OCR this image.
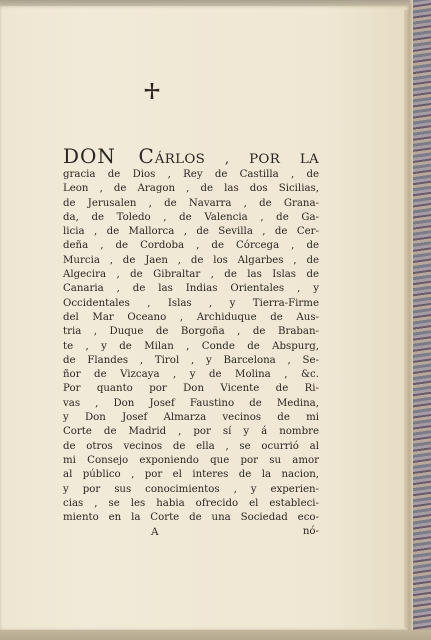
DON CÁRLOS , POR LA
gracia de Dios , Rey de Castilla , de
Leon , de Aragon , de las dos Sicilias,
de Jerusalen , de Navarra , de Grana-
da, de Toledo , de Valencia , de Ga-
licia , de Mallorca , de Sevilla , de Cer-
deña , de Cordoba , de Córcega , de
Murcia , de Jaen , de los Algarbes , de
Algecira , de Gibraltar , de las Islas de
Canaria , de las Indias Orientales , y
Occidentales , Islas , y Tierra-Firme
del Mar Oceano , Archiduque de Aus-
tria , Duque de Borgoña , de Braban-
te , y de Milan , Conde de Abspurg,
de Flandes , Tirol , y Barcelona , Se-
ñor de Vizcaya , y de Molina , &c.
Por quanto por Don Vicente de Ri-
vas , Don Josef Faustino de Medina,
y Don Josef Almarza vecinos de mi
Corte de Madrid , por sí y á nombre
de otros vecinos de ella , se ocurrió al
mi Consejo exponiendo que por su amor
al público , por el interes de la nacion,
y por sus conocimientos , y experien-
cias , se les habia ofrecido el estableci-
miento en la Corte de una Sociedad eco-
A	nó-
